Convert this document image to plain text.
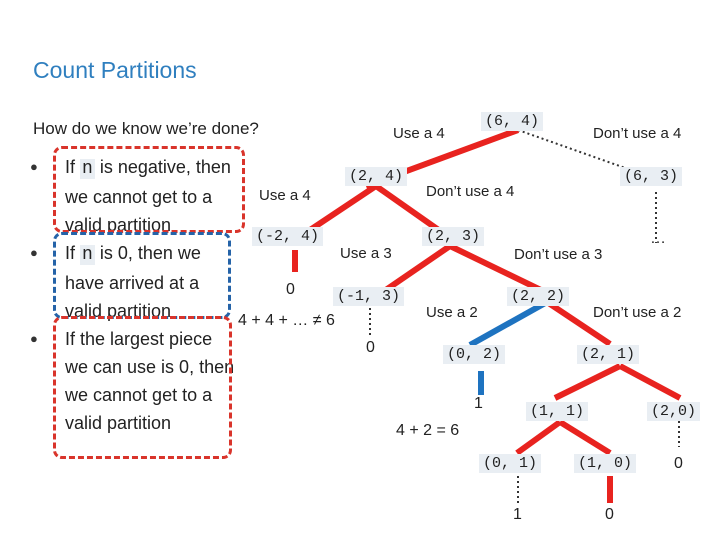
Count Partitions
How do we know we’re done?
● If n is negative, then we cannot get to a valid partition
● If n is 0, then we have arrived at a valid partition
● If the largest piece we can use is 0, then we cannot get to a valid partition
(6, 4)
(2, 4)	(6, 3)
(-2, 4)	(2, 3)
(-1, 3)	(2, 2)
(0, 2)	(2, 1)
(1, 1)	(2,0)
(0, 1)	(1, 0)
Use a 4	Don’t use a 4
Use a 4	Don’t use a 4
Use a 3	Don’t use a 3
Use a 2	Don’t use a 2
0
4 + 4 + … ≠ 6
0
1
4 + 2 = 6
0
…
1	0
